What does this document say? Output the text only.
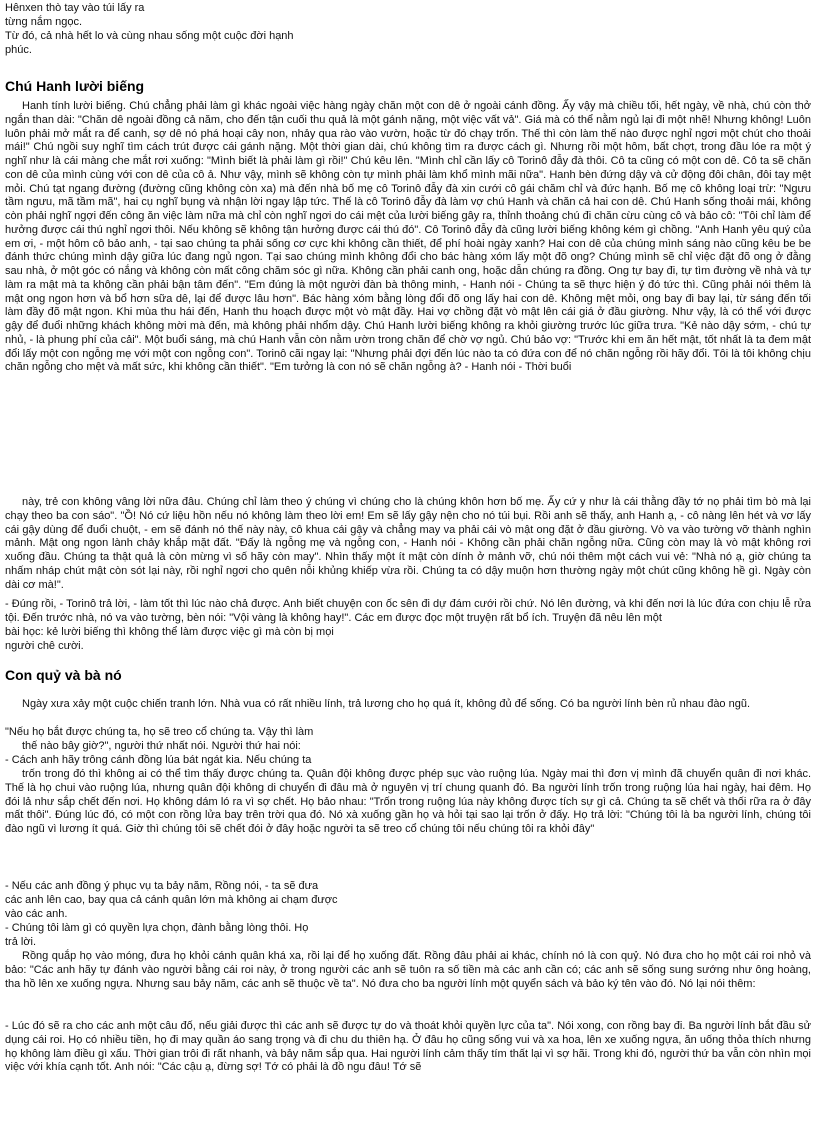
Hênxen thò tay vào túi lấy ra
từng nắm ngọc.
Từ đó, cả nhà hết lo và cùng nhau sống một cuộc đời hạnh
phúc.
Chú Hanh lười biếng

Hanh tính lười biếng. Chú chẳng phải làm gì khác ngoài việc hàng ngày chăn một con dê ở ngoài cánh đồng. Ấy vậy mà chiều tối, hết ngày, về nhà, chú còn thở ngắn than dài: "Chăn dê ngoài đồng cả năm, cho đến tận cuối thu quả là một gánh nặng, một việc vất vả". Giá mà có thể nằm ngủ lại đi một nhẽ! Nhưng không! Luôn luôn phải mở mắt ra để canh, sợ dê nó phá hoại cây non, nhảy qua rào vào vườn, hoặc từ đó chạy trốn. Thế thì còn làm thế nào được nghỉ ngơi một chút cho thoải mái!" Chú ngồi suy nghĩ tìm cách trút được cái gánh nặng. Một thời gian dài, chú không tìm ra được cách gì. Nhưng rồi một hôm, bất chợt, trong đầu lóe ra một ý nghĩ như là cái màng che mắt rơi xuống: "Mình biết là phải làm gì rồi!" Chú kêu lên. "Mình chỉ cần lấy cô Torinô đẫy đà thôi. Cô ta cũng có một con dê. Cô ta sẽ chăn con dê của mình cùng với con dê của cô ả. Như vậy, mình sẽ không còn tự mình phải làm khổ mình mãi nữa". Hanh bèn đứng dậy và cử động đôi chân, đôi tay mệt mỏi. Chú tạt ngang đường (đường cũng không còn xa) mà đến nhà bố mẹ cô Torinô đẫy đà xin cưới cô gái chăm chỉ và đức hạnh. Bố mẹ cô không loại trừ: "Ngưu tầm ngưu, mã tầm mã", hai cụ nghĩ bụng và nhận lời ngay lập tức. Thế là cô Torinô đẫy đà làm vợ chú Hanh và chăn cả hai con dê. Chú Hanh sống thoải mái, không còn phải nghĩ ngợi đến công ăn việc làm nữa mà chỉ còn nghĩ ngơi do cái mệt của lười biếng gây ra, thỉnh thoảng chú đi chăn cừu cùng cô và bảo cô: "Tôi chỉ làm để hưởng được cái thú nghỉ ngơi thôi. Nếu không sẽ không tận hưởng được cái thú đó". Cô Torinô đẫy đà cũng lười biếng không kém gì chồng. "Anh Hanh yêu quý của em ơi, - một hôm cô bảo anh, - tại sao chúng ta phải sống cơ cực khi không cần thiết, để phí hoài ngày xanh? Hai con dê của chúng mình sáng nào cũng kêu be be đánh thức chúng mình dậy giữa lúc đang ngủ ngon. Tại sao chúng mình không đổi cho bác hàng xóm lấy một đõ ong? Chúng mình sẽ chỉ việc đặt đõ ong ở đằng sau nhà, ở một góc có nắng và không còn mất công chăm sóc gì nữa. Không cần phải canh ong, hoặc dẫn chúng ra đồng. Ong tự bay đi, tự tìm đường về nhà và tự làm ra mật mà ta không cần phải bận tâm đến". "Em đúng là một người đàn bà thông minh, - Hanh nói - Chúng ta sẽ thực hiện ý đó tức thì. Cũng phải nói thêm là mật ong ngon hơn và bổ hơn sữa dê, lại để được lâu hơn". Bác hàng xóm bằng lòng đổi đõ ong lấy hai con dê. Không mệt mỏi, ong bay đi bay lại, từ sáng đến tối làm đầy đõ mật ngon. Khi mùa thu hái đến, Hanh thu hoạch được một vò mật đầy. Hai vợ chồng đặt vò mật lên cái giá ở đầu giường. Như vậy, là có thể với được gậy để đuổi những khách không mời mà đến, mà không phải nhổm dậy. Chú Hanh lười biếng không ra khỏi giường trước lúc giữa trưa. "Kẻ nào dậy sớm, - chú tự nhủ, - là phung phí của cải". Một buổi sáng, mà chú Hanh vẫn còn nằm ườn trong chăn để chờ vợ ngủ. Chú bảo vợ: "Trước khi em ăn hết mật, tốt nhất là ta đem mật đổi lấy một con ngỗng mẹ với một con ngỗng con". Torinô cãi ngay lại: "Nhưng phải đợi đến lúc nào ta có đứa con để nó chăn ngỗng rồi hãy đổi. Tôi là tôi không chịu chăn ngỗng cho mệt và mất sức, khi không cần thiết". "Em tưởng là con nó sẽ chăn ngỗng à? - Hanh nói - Thời buổi

này, trẻ con không vâng lời nữa đâu. Chúng chỉ làm theo ý chúng vì chúng cho là chúng khôn hơn bố mẹ. Ấy cứ y như là cái thằng đầy tớ nọ phải tìm bò mà lại chạy theo ba con sáo". "Ồ! Nó cứ liệu hồn nếu nó không làm theo lời em! Em sẽ lấy gậy nện cho nó túi bụi. Rồi anh sẽ thấy, anh Hanh ạ, - cô nàng lên hét và vơ lấy cái gậy dùng để đuổi chuột, - em sẽ đánh nó thế này này, cô khua cái gậy và chẳng may va phải cái vò mật ong đặt ở đầu giường. Vò va vào tường vỡ thành nghìn mảnh. Mật ong ngon lành chảy khắp mặt đất. "Đấy là ngỗng mẹ và ngỗng con, - Hanh nói - Không cần phải chăn ngỗng nữa. Cũng còn may là vò mật không rơi xuống đầu. Chúng ta thật quả là còn mừng vì số hãy còn may". Nhìn thấy một ít mật còn dính ở mảnh vỡ, chú nói thêm một cách vui vẻ: "Nhà nó ạ, giờ chúng ta nhấm nháp chút mật còn sót lại này, rồi nghỉ ngơi cho quên nỗi khủng khiếp vừa rồi. Chúng ta có dậy muộn hơn thường ngày một chút cũng không hề gì. Ngày còn dài cơ mà!".

- Đúng rồi, - Torinô trả lời, - làm tốt thì lúc nào chả được. Anh biết chuyện con ốc sên đi dự đám cưới rồi chứ. Nó lên đường, và khi đến nơi là lúc đứa con chịu lễ rửa tội. Đến trước nhà, nó va vào tường, bèn nói: "Vội vàng là không hay!". Các em được đọc một truyện rất bổ ích. Truyện đã nêu lên một

bài học: kẻ lười biếng thì không thể làm được việc gì mà còn bị mọi
người chê cười.
Con quỷ và bà nó

Ngày xưa xảy một cuộc chiến tranh lớn. Nhà vua có rất nhiều lính, trả lương cho họ quá ít, không đủ để sống. Có ba người lính bèn rủ nhau đào ngũ.

"Nếu họ bắt được chúng ta, họ sẽ treo cổ chúng ta. Vậy thì làm
thế nào bây giờ?", người thứ nhất nói. Người thứ hai nói:
- Cách anh hãy trông cánh đồng lúa bát ngát kia. Nếu chúng ta

trốn trong đó thì không ai có thể tìm thấy được chúng ta. Quân đội không được phép sục vào ruộng lúa. Ngày mai thì đơn vị mình đã chuyển quân đi nơi khác. Thế là họ chui vào ruộng lúa, nhưng quân đội không di chuyển đi đâu mà ở nguyên vị trí chung quanh đó. Ba người lính trốn trong ruộng lúa hai ngày, hai đêm. Họ đói lả như sắp chết đến nơi. Họ không dám ló ra vì sợ chết. Họ bảo nhau: "Trốn trong ruộng lúa này không được tích sự gì cả. Chúng ta sẽ chết và thối rữa ra ở đây mất thôi". Đúng lúc đó, có một con rồng lửa bay trên trời qua đó. Nó xà xuống gần họ và hỏi tại sao lại trốn ở đấy. Họ trả lời: "Chúng tôi là ba người lính, chúng tôi đào ngũ vì lương ít quá. Giờ thì chúng tôi sẽ chết đói ở đây hoặc người ta sẽ treo cổ chúng tôi nếu chúng tôi ra khỏi đây"

- Nếu các anh đồng ý phục vụ ta bảy năm, Rồng nói, - ta sẽ đưa
các anh lên cao, bay qua cả cánh quân lớn mà không ai chạm được
vào các anh.
- Chúng tôi làm gì có quyền lựa chọn, đành bằng lòng thôi. Họ
trả lời.

Rồng quắp họ vào móng, đưa họ khỏi cánh quân khá xa, rồi lại để họ xuống đất. Rồng đâu phải ai khác, chính nó là con quỷ. Nó đưa cho họ một cái roi nhỏ và bảo: "Các anh hãy tự đánh vào người bằng cái roi này, ở trong người các anh sẽ tuôn ra số tiền mà các anh cần có; các anh sẽ sống sung sướng như ông hoàng, tha hồ lên xe xuống ngựa. Nhưng sau bảy năm, các anh sẽ thuộc về ta". Nó đưa cho ba người lính một quyển sách và bảo ký tên vào đó. Nó lại nói thêm:

- Lúc đó sẽ ra cho các anh một câu đố, nếu giải được thì các anh sẽ được tự do và thoát khỏi quyền lực của ta". Nói xong, con rồng bay đi. Ba người lính bắt đầu sử dụng cái roi. Họ có nhiều tiền, họ đi may quần áo sang trọng và đi chu du thiên hạ. Ở đâu họ cũng sống vui và xa hoa, lên xe xuống ngựa, ăn uống thỏa thích nhưng họ không làm điều gì xấu. Thời gian trôi đi rất nhanh, và bảy năm sắp qua. Hai người lính cảm thấy tím thất lại vì sợ hãi. Trong khi đó, người thứ ba vẫn còn nhìn mọi việc với khía cạnh tốt. Anh nói: "Các cậu ạ, đừng sợ! Tớ có phải là đồ ngu đâu! Tớ sẽ
